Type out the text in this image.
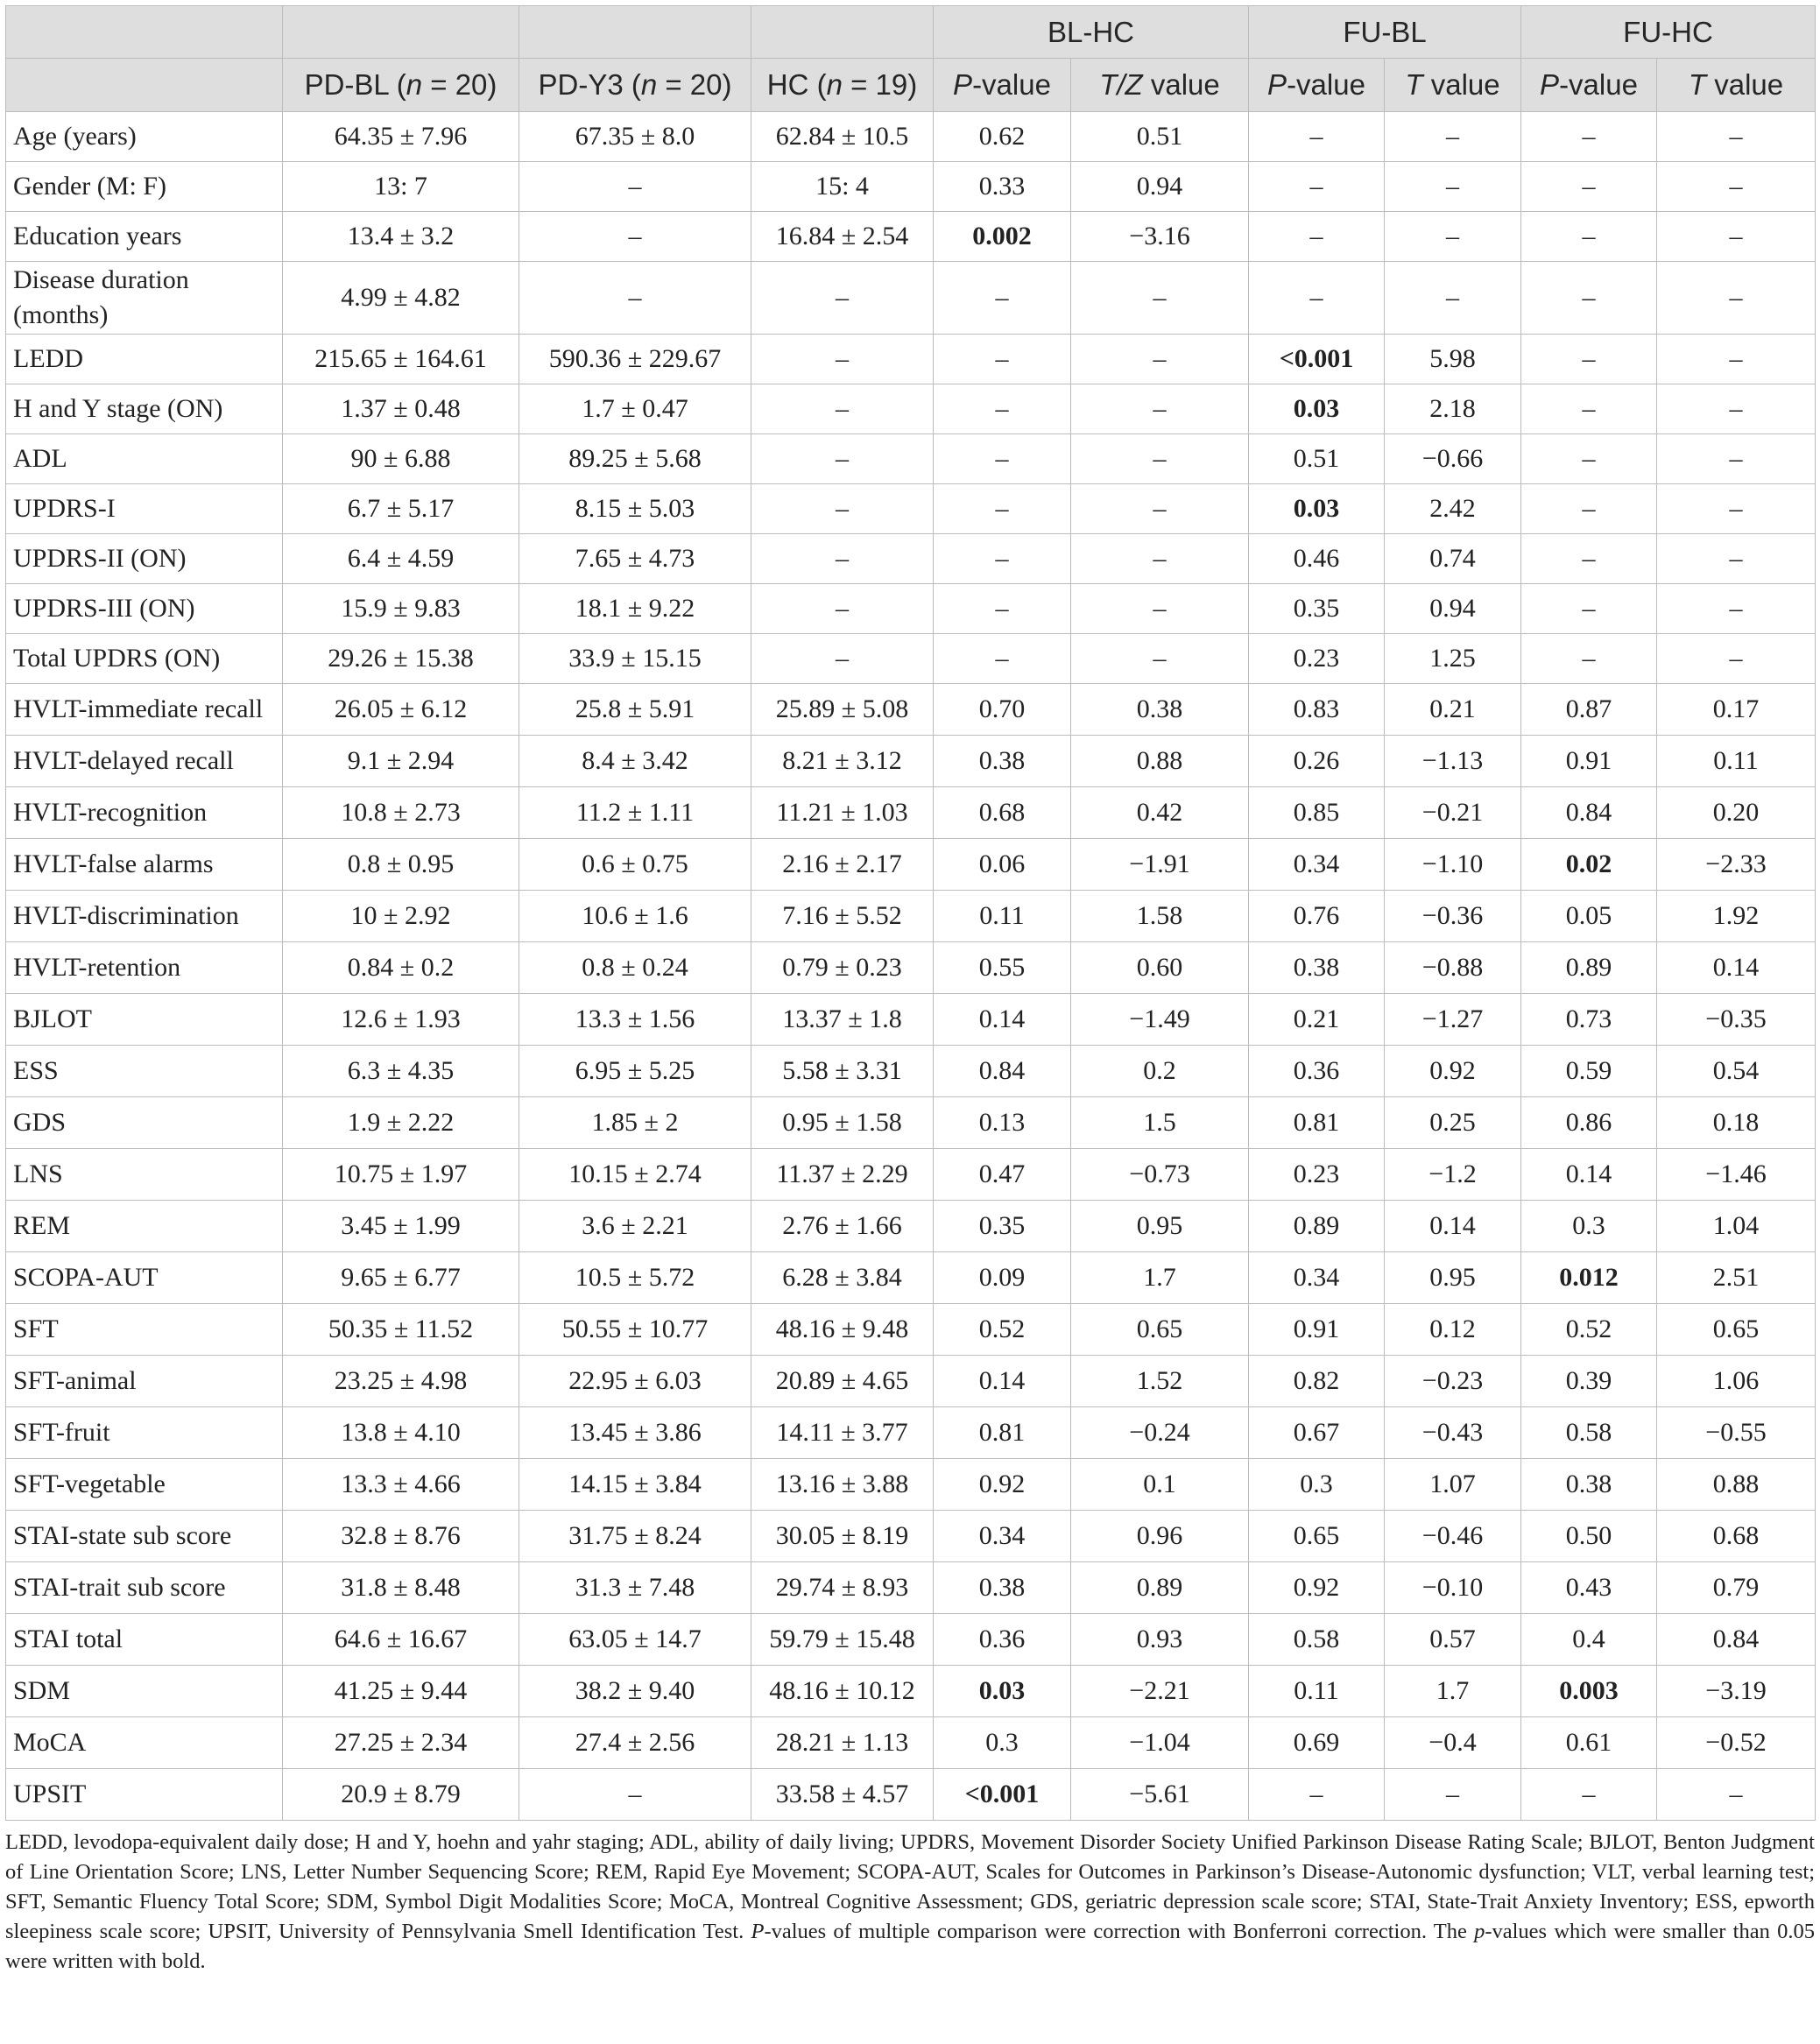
				BL-HC		FU-BL		FU-HC	
	PD-BL (n = 20)	PD-Y3 (n = 20)	HC (n = 19)	P-value	T/Z value	P-value	T value	P-value	T value
Age (years)	64.35 ± 7.96	67.35 ± 8.0	62.84 ± 10.5	0.62	0.51	–	–	–	–
Gender (M: F)	13: 7	–	15: 4	0.33	0.94	–	–	–	–
Education years	13.4 ± 3.2	–	16.84 ± 2.54	0.002	−3.16	–	–	–	–
Disease duration (months)	4.99 ± 4.82	–	–	–	–	–	–	–	–
LEDD	215.65 ± 164.61	590.36 ± 229.67	–	–	–	<0.001	5.98	–	–
H and Y stage (ON)	1.37 ± 0.48	1.7 ± 0.47	–	–	–	0.03	2.18	–	–
ADL	90 ± 6.88	89.25 ± 5.68	–	–	–	0.51	−0.66	–	–
UPDRS-I	6.7 ± 5.17	8.15 ± 5.03	–	–	–	0.03	2.42	–	–
UPDRS-II (ON)	6.4 ± 4.59	7.65 ± 4.73	–	–	–	0.46	0.74	–	–
UPDRS-III (ON)	15.9 ± 9.83	18.1 ± 9.22	–	–	–	0.35	0.94	–	–
Total UPDRS (ON)	29.26 ± 15.38	33.9 ± 15.15	–	–	–	0.23	1.25	–	–
HVLT-immediate recall	26.05 ± 6.12	25.8 ± 5.91	25.89 ± 5.08	0.70	0.38	0.83	0.21	0.87	0.17
HVLT-delayed recall	9.1 ± 2.94	8.4 ± 3.42	8.21 ± 3.12	0.38	0.88	0.26	−1.13	0.91	0.11
HVLT-recognition	10.8 ± 2.73	11.2 ± 1.11	11.21 ± 1.03	0.68	0.42	0.85	−0.21	0.84	0.20
HVLT-false alarms	0.8 ± 0.95	0.6 ± 0.75	2.16 ± 2.17	0.06	−1.91	0.34	−1.10	0.02	−2.33
HVLT-discrimination	10 ± 2.92	10.6 ± 1.6	7.16 ± 5.52	0.11	1.58	0.76	−0.36	0.05	1.92
HVLT-retention	0.84 ± 0.2	0.8 ± 0.24	0.79 ± 0.23	0.55	0.60	0.38	−0.88	0.89	0.14
BJLOT	12.6 ± 1.93	13.3 ± 1.56	13.37 ± 1.8	0.14	−1.49	0.21	−1.27	0.73	−0.35
ESS	6.3 ± 4.35	6.95 ± 5.25	5.58 ± 3.31	0.84	0.2	0.36	0.92	0.59	0.54
GDS	1.9 ± 2.22	1.85 ± 2	0.95 ± 1.58	0.13	1.5	0.81	0.25	0.86	0.18
LNS	10.75 ± 1.97	10.15 ± 2.74	11.37 ± 2.29	0.47	−0.73	0.23	−1.2	0.14	−1.46
REM	3.45 ± 1.99	3.6 ± 2.21	2.76 ± 1.66	0.35	0.95	0.89	0.14	0.3	1.04
SCOPA-AUT	9.65 ± 6.77	10.5 ± 5.72	6.28 ± 3.84	0.09	1.7	0.34	0.95	0.012	2.51
SFT	50.35 ± 11.52	50.55 ± 10.77	48.16 ± 9.48	0.52	0.65	0.91	0.12	0.52	0.65
SFT-animal	23.25 ± 4.98	22.95 ± 6.03	20.89 ± 4.65	0.14	1.52	0.82	−0.23	0.39	1.06
SFT-fruit	13.8 ± 4.10	13.45 ± 3.86	14.11 ± 3.77	0.81	−0.24	0.67	−0.43	0.58	−0.55
SFT-vegetable	13.3 ± 4.66	14.15 ± 3.84	13.16 ± 3.88	0.92	0.1	0.3	1.07	0.38	0.88
STAI-state sub score	32.8 ± 8.76	31.75 ± 8.24	30.05 ± 8.19	0.34	0.96	0.65	−0.46	0.50	0.68
STAI-trait sub score	31.8 ± 8.48	31.3 ± 7.48	29.74 ± 8.93	0.38	0.89	0.92	−0.10	0.43	0.79
STAI total	64.6 ± 16.67	63.05 ± 14.7	59.79 ± 15.48	0.36	0.93	0.58	0.57	0.4	0.84
SDM	41.25 ± 9.44	38.2 ± 9.40	48.16 ± 10.12	0.03	−2.21	0.11	1.7	0.003	−3.19
MoCA	27.25 ± 2.34	27.4 ± 2.56	28.21 ± 1.13	0.3	−1.04	0.69	−0.4	0.61	−0.52
UPSIT	20.9 ± 8.79	–	33.58 ± 4.57	<0.001	−5.61	–	–	–	–
LEDD, levodopa-equivalent daily dose; H and Y, hoehn and yahr staging; ADL, ability of daily living; UPDRS, Movement Disorder Society Unified Parkinson Disease Rating Scale; BJLOT, Benton Judgment of Line Orientation Score; LNS, Letter Number Sequencing Score; REM, Rapid Eye Movement; SCOPA-AUT, Scales for Outcomes in Parkinson’s Disease-Autonomic dysfunction; VLT, verbal learning test; SFT, Semantic Fluency Total Score; SDM, Symbol Digit Modalities Score; MoCA, Montreal Cognitive Assessment; GDS, geriatric depression scale score; STAI, State-Trait Anxiety Inventory; ESS, epworth sleepiness scale score; UPSIT, University of Pennsylvania Smell Identification Test. P-values of multiple comparison were correction with Bonferroni correction. The p-values which were smaller than 0.05 were written with bold.
